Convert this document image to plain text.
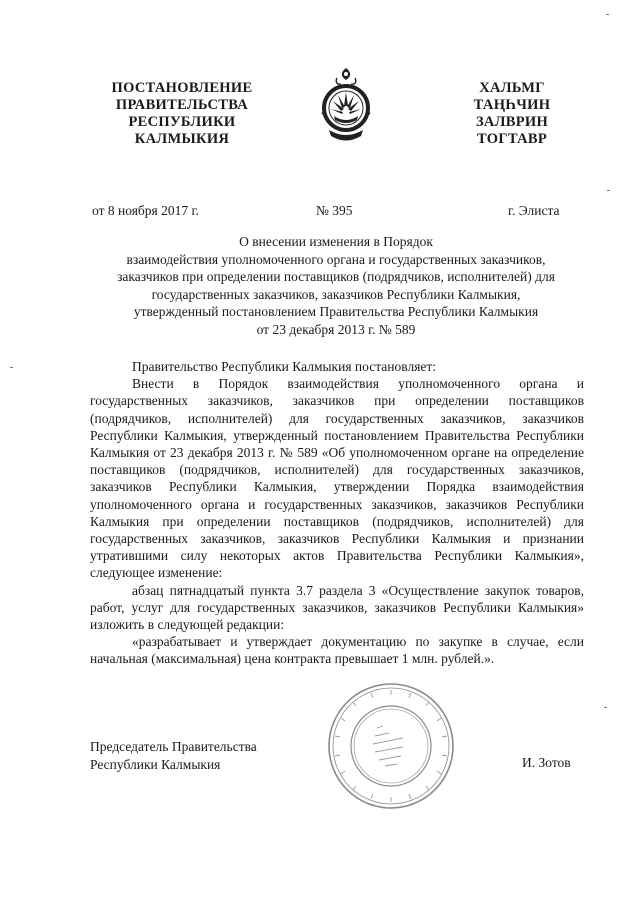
ПОСТАНОВЛЕНИЕ
ПРАВИТЕЛЬСТВА
РЕСПУБЛИКИ
КАЛМЫКИЯ
ХАЛЬМГ
ТАҢҺЧИН
ЗАЛВРИН
ТОГТАВР
от 8 ноября 2017 г.	№ 395	г. Элиста
О внесении изменения в Порядок
взаимодействия уполномоченного органа и государственных заказчиков,
заказчиков при определении поставщиков (подрядчиков, исполнителей) для
государственных заказчиков, заказчиков Республики Калмыкия,
утвержденный постановлением Правительства Республики Калмыкия
от 23 декабря 2013 г. № 589

Правительство Республики Калмыкия постановляет:

Внести в Порядок взаимодействия уполномоченного органа и государственных заказчиков, заказчиков при определении поставщиков (подрядчиков, исполнителей) для государственных заказчиков, заказчиков Республики Калмыкия, утвержденный постановлением Правительства Республики Калмыкия от 23 декабря 2013 г. № 589 «Об уполномоченном органе на определение поставщиков (подрядчиков, исполнителей) для государственных заказчиков, заказчиков Республики Калмыкия, утверждении Порядка взаимодействия уполномоченного органа и государственных заказчиков, заказчиков Республики Калмыкия при определении поставщиков (подрядчиков, исполнителей) для государственных заказчиков, заказчиков Республики Калмыкия и признании утратившими силу некоторых актов Правительства Республики Калмыкия», следующее изменение:

абзац пятнадцатый пункта 3.7 раздела 3 «Осуществление закупок товаров, работ, услуг для государственных заказчиков, заказчиков Республики Калмыкия» изложить в следующей редакции:

«разрабатывает и утверждает документацию по закупке в случае, если начальная (максимальная) цена контракта превышает 1 млн. рублей.».

Председатель Правительства
Республики Калмыкия	И. Зотов
